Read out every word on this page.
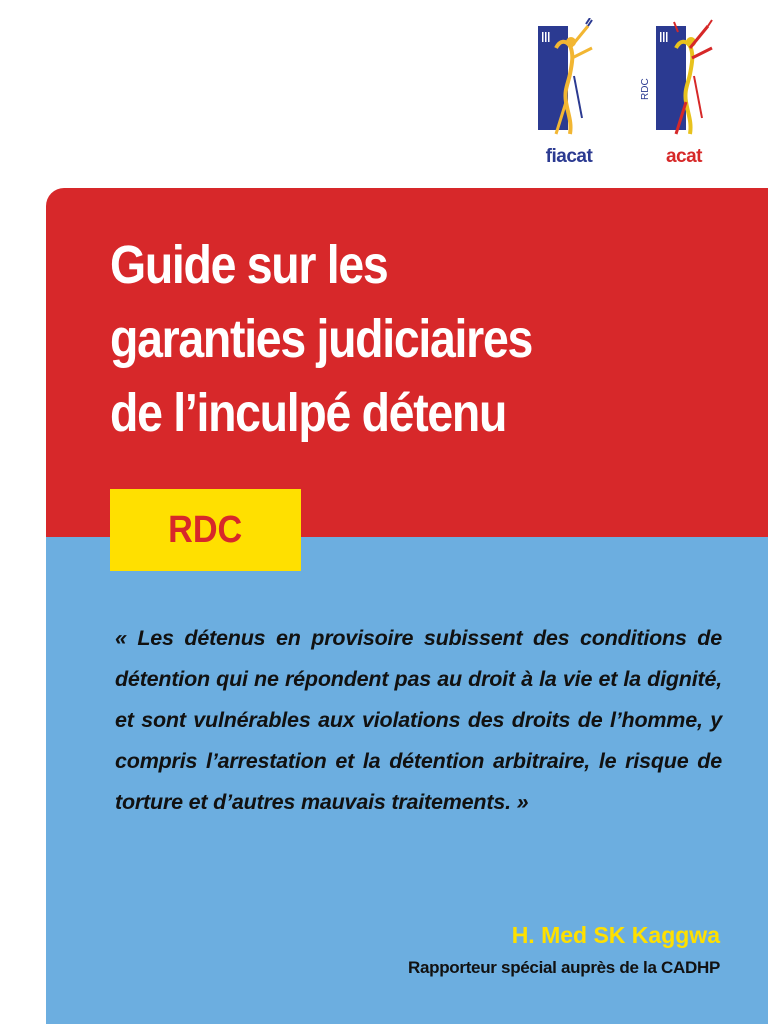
fiacat
RDC
acat
Guide sur les
garanties judiciaires
de l’inculpé détenu
RDC

« Les détenus en provisoire subissent des conditions de détention qui ne répondent pas au droit à la vie et la dignité, et sont vulnérables aux violations des droits de l’homme, y compris l’arrestation et la détention arbitraire, le risque de torture et d’autres mauvais traitements. »

H. Med SK Kaggwa
Rapporteur spécial auprès de la CADHP
